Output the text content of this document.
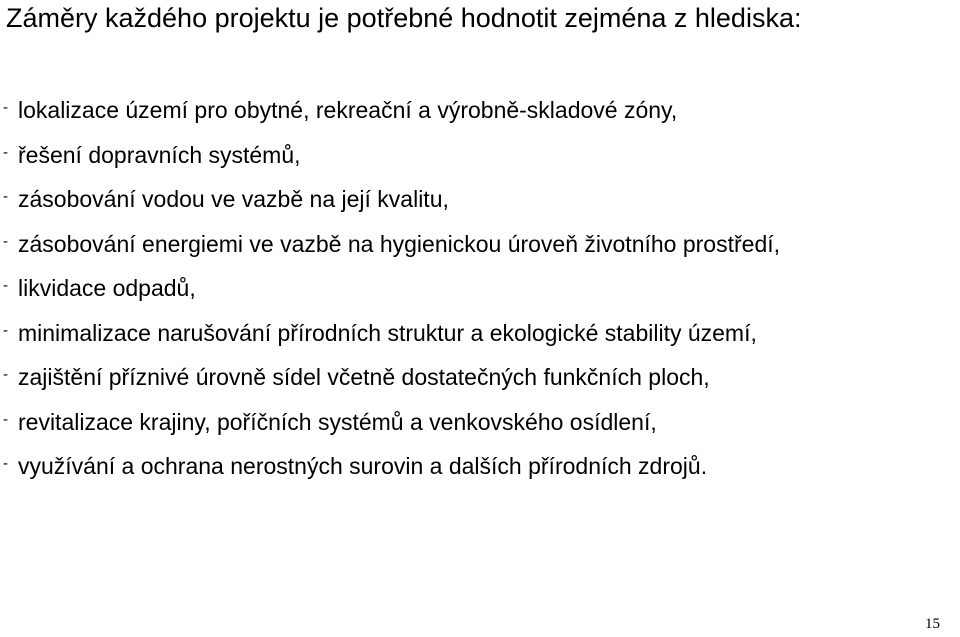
Záměry každého projektu je potřebné hodnotit zejména z hlediska:
- lokalizace území pro obytné, rekreační a výrobně-skladové zóny,
- řešení dopravních systémů,
- zásobování vodou ve vazbě na její kvalitu,
- zásobování energiemi ve vazbě na hygienickou úroveň životního prostředí,
- likvidace odpadů,
- minimalizace narušování přírodních struktur a ekologické stability území,
- zajištění příznivé úrovně sídel včetně dostatečných funkčních ploch,
- revitalizace krajiny, poříčních systémů a venkovského osídlení,
- využívání a ochrana nerostných surovin a dalších přírodních zdrojů.
15
